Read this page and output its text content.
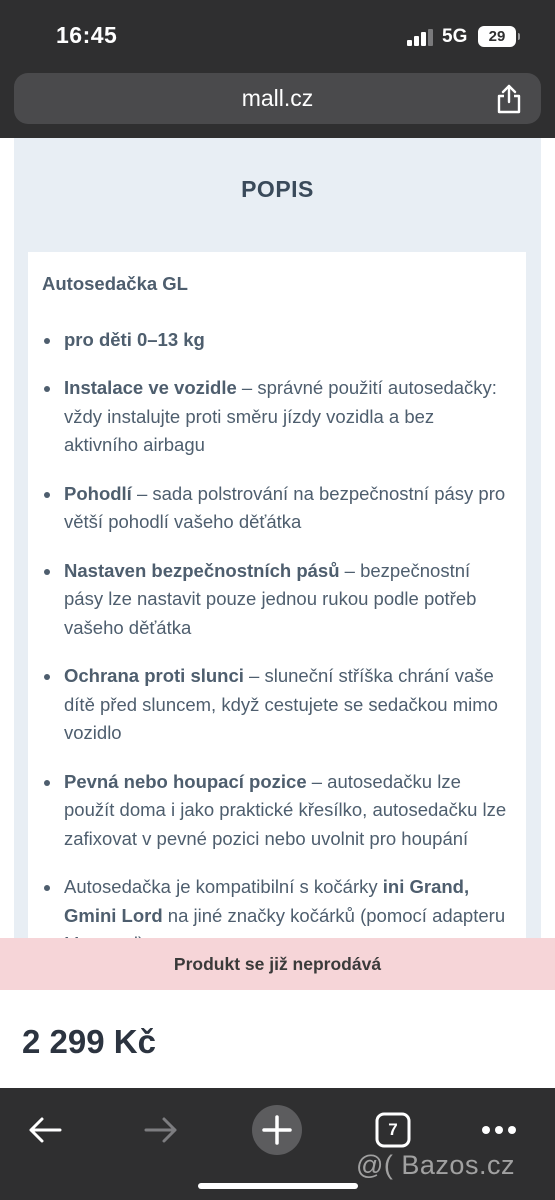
16:45	5G	29
mall.cz
POPIS
Autosedačka GL
pro děti 0–13 kg
Instalace ve vozidle – správné použití autosedačky: vždy instalujte proti směru jízdy vozidla a bez aktivního airbagu
Pohodlí – sada polstrování na bezpečnostní pásy pro větší pohodlí vašeho děťátka
Nastaven bezpečnostních pásů – bezpečnostní pásy lze nastavit pouze jednou rukou podle potřeb vašeho děťátka
Ochrana proti slunci – sluneční stříška chrání vaše dítě před sluncem, když cestujete se sedačkou mimo vozidlo
Pevná nebo houpací pozice – autosedačku lze použít doma i jako praktické křesílko, autosedačku lze zafixovat v pevné pozici nebo uvolnit pro houpání
Autosedačka je kompatibilní s kočárky ini Grand, Gmini Lord na jiné značky kočárků (pomocí adapteru
Produkt se již neprodává
2 299 Kč
7
@( Bazos.cz
